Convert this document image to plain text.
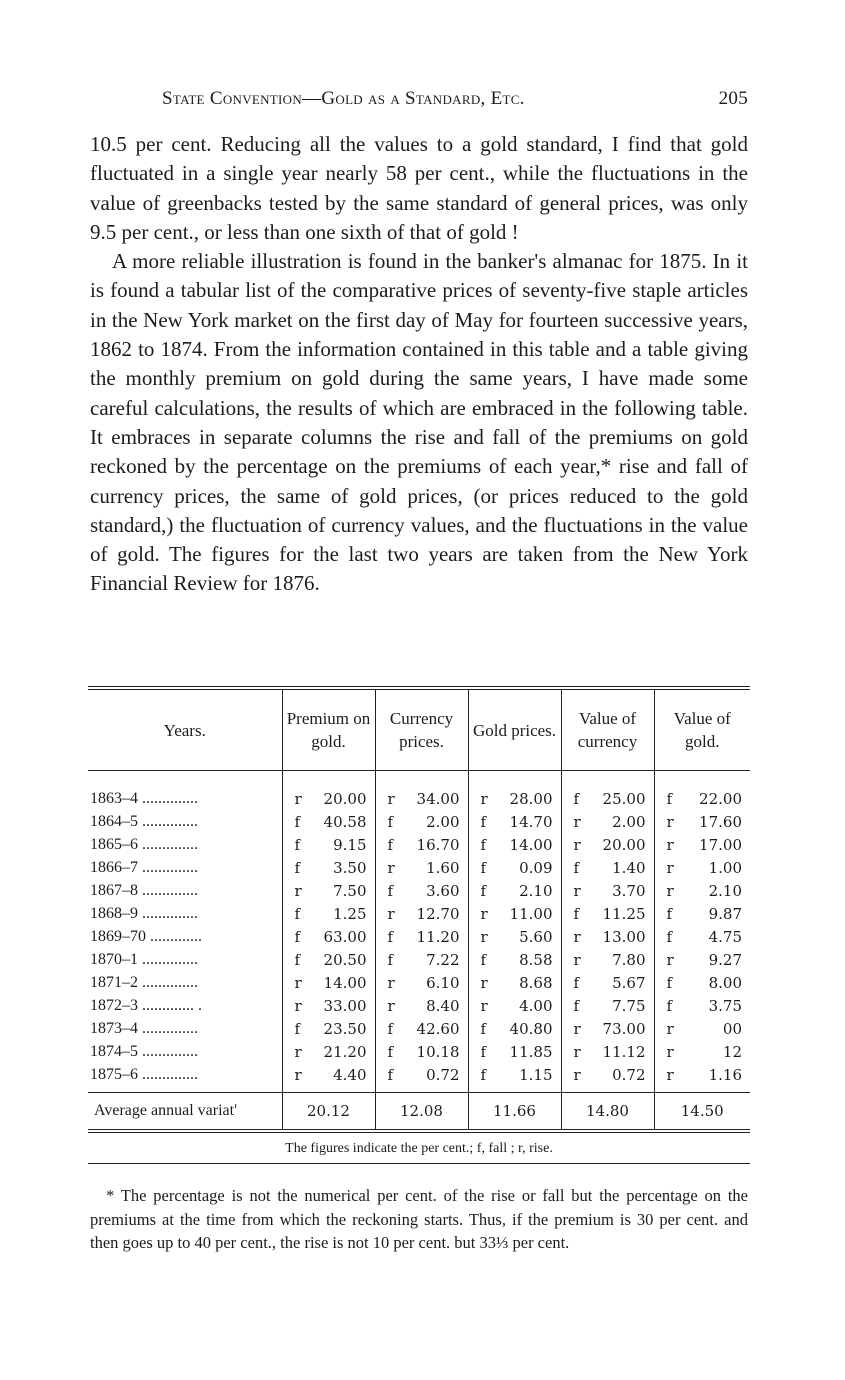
State Convention—Gold as a Standard, Etc.	205

10.5 per cent. Reducing all the values to a gold standard, I find that gold fluctuated in a single year nearly 58 per cent., while the fluctuations in the value of greenbacks tested by the same standard of general prices, was only 9.5 per cent., or less than one sixth of that of gold !

A more reliable illustration is found in the banker's almanac for 1875. In it is found a tabular list of the comparative prices of seventy-five staple articles in the New York market on the first day of May for fourteen successive years, 1862 to 1874. From the information contained in this table and a table giving the monthly premium on gold during the same years, I have made some careful calculations, the results of which are embraced in the following table. It embraces in separate columns the rise and fall of the premiums on gold reckoned by the percentage on the premiums of each year,* rise and fall of currency prices, the same of gold prices, (or prices reduced to the gold standard,) the fluctuation of currency values, and the fluctuations in the value of gold. The figures for the last two years are taken from the New York Financial Review for 1876.

Years.	Premium on gold.	Currency prices.	Gold prices.	Value of currency	Value of gold.
1863–4 ..............	r 20.00	r 34.00	r 28.00	f 25.00	f 22.00

1864–5 ..............	f 40.58	f 2.00	f 14.70	r 2.00	r 17.60

1865–6 ..............	f 9.15	f 16.70	f 14.00	r 20.00	r 17.00

1866–7 ..............	f 3.50	r 1.60	f 0.09	f 1.40	r 1.00

1867–8 ..............	r 7.50	f 3.60	f 2.10	r 3.70	r 2.10

1868–9 ..............	f 1.25	r 12.70	r 11.00	f 11.25	f 9.87

1869–70 .............	f 63.00	f 11.20	r 5.60	r 13.00	f 4.75

1870–1 ..............	f 20.50	f 7.22	f 8.58	r 7.80	r 9.27

1871–2 ..............	r 14.00	r 6.10	r 8.68	f 5.67	f 8.00

1872–3 ............. .	r 33.00	r 8.40	r 4.00	f 7.75	f 3.75

1873–4 ..............	f 23.50	f 42.60	f 40.80	r 73.00	r 00

1874–5 ..............	r 21.20	f 10.18	f 11.85	r 11.12	r 12

1875–6 ..............	r 4.40	f 0.72	f 1.15	r 0.72	r 1.16

Average annual variat'	20.12	12.08	11.66	14.80	14.50
The figures indicate the per cent.; f, fall ; r, rise.

* The percentage is not the numerical per cent. of the rise or fall but the percentage on the premiums at the time from which the reckoning starts. Thus, if the premium is 30 per cent. and then goes up to 40 per cent., the rise is not 10 per cent. but 33⅓ per cent.
